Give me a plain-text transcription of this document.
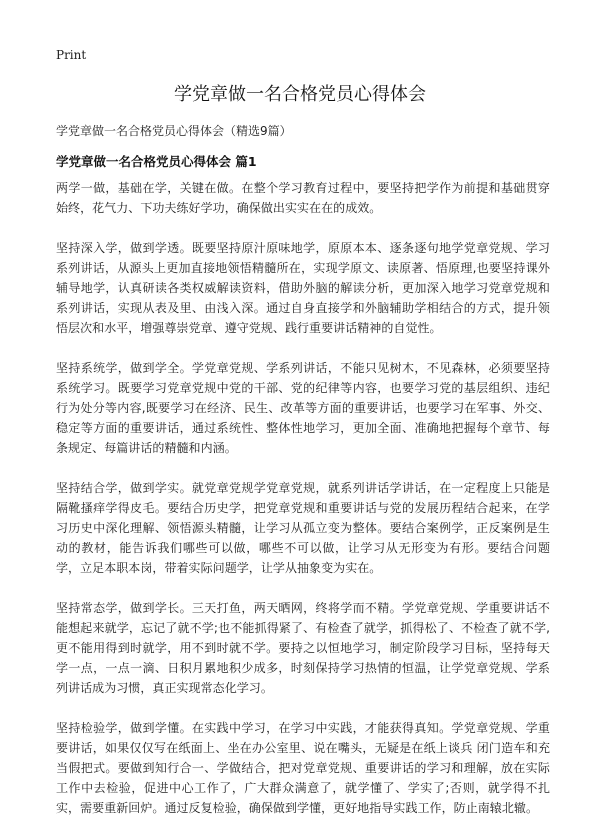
Print
学党章做一名合格党员心得体会

学党章做一名合格党员心得体会（精选9篇）

学党章做一名合格党员心得体会 篇1

两学一做，基础在学，关键在做。在整个学习教育过程中，要坚持把学作为前提和基础贯穿始终，花气力、下功夫练好学功，确保做出实实在在的成效。

坚持深入学，做到学透。既要坚持原汁原味地学，原原本本、逐条逐句地学党章党规、学习系列讲话，从源头上更加直接地领悟精髓所在，实现学原文、读原著、悟原理,也要坚持课外辅导地学，认真研读各类权威解读资料，借助外脑的解读分析，更加深入地学习党章党规和系列讲话，实现从表及里、由浅入深。通过自身直接学和外脑辅助学相结合的方式，提升领悟层次和水平，增强尊崇党章、遵守党规、践行重要讲话精神的自觉性。

坚持系统学，做到学全。学党章党规、学系列讲话，不能只见树木，不见森林，必须要坚持系统学习。既要学习党章党规中党的干部、党的纪律等内容，也要学习党的基层组织、违纪行为处分等内容,既要学习在经济、民生、改革等方面的重要讲话，也要学习在军事、外交、稳定等方面的重要讲话，通过系统性、整体性地学习，更加全面、准确地把握每个章节、每条规定、每篇讲话的精髓和内涵。

坚持结合学，做到学实。就党章党规学党章党规，就系列讲话学讲话，在一定程度上只能是隔靴搔痒学得皮毛。要结合历史学，把党章党规和重要讲话与党的发展历程结合起来，在学习历史中深化理解、领悟源头精髓，让学习从孤立变为整体。要结合案例学，正反案例是生动的教材，能告诉我们哪些可以做，哪些不可以做，让学习从无形变为有形。要结合问题学，立足本职本岗，带着实际问题学，让学从抽象变为实在。

坚持常态学，做到学长。三天打鱼，两天晒网，终将学而不精。学党章党规、学重要讲话不能想起来就学，忘记了就不学;也不能抓得紧了、有检查了就学，抓得松了、不检查了就不学,更不能用得到时就学，用不到时就不学。要持之以恒地学习，制定阶段学习目标，坚持每天学一点，一点一滴、日积月累地积少成多，时刻保持学习热情的恒温，让学党章党规、学系列讲话成为习惯，真正实现常态化学习。

坚持检验学，做到学懂。在实践中学习，在学习中实践，才能获得真知。学党章党规、学重要讲话，如果仅仅写在纸面上、坐在办公室里、说在嘴头，无疑是在纸上谈兵 闭门造车和充当假把式。要做到知行合一、学做结合，把对党章党规、重要讲话的学习和理解，放在实际工作中去检验，促进中心工作了，广大群众满意了，就学懂了、学实了;否则，就学得不扎实，需要重新回炉。通过反复检验，确保做到学懂，更好地指导实践工作，防止南辕北辙。
